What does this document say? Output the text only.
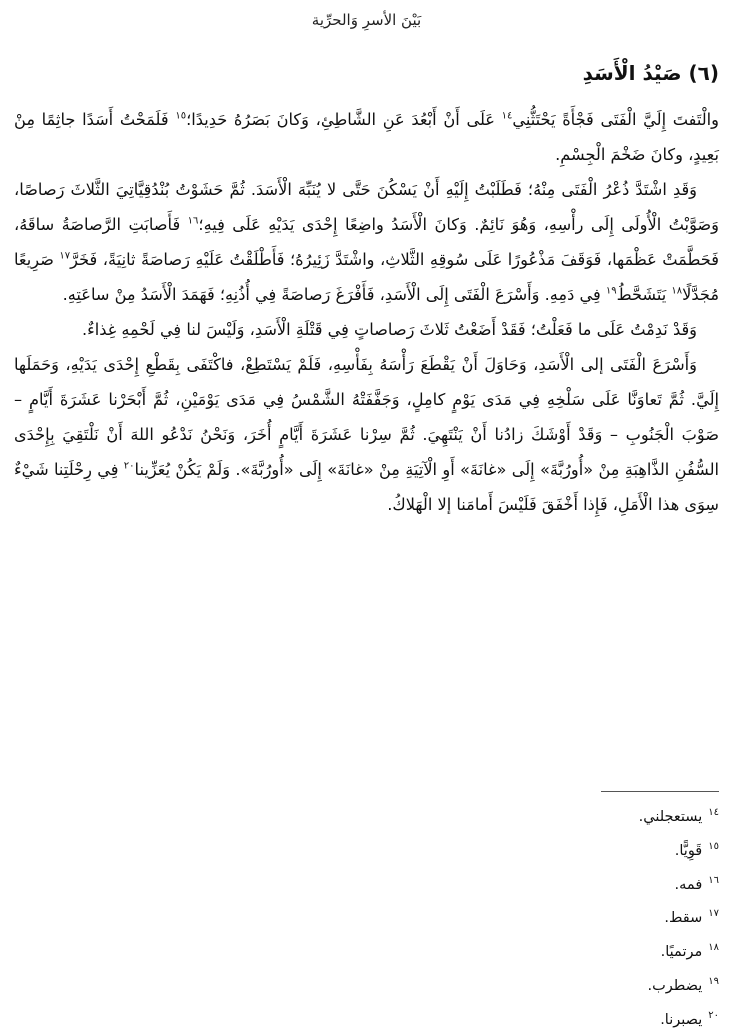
بَيْنَ الأسرِ وَالحرِّية
(٦) صَيْدُ الْأَسَدِ

والْتَفتَ إِلَيَّ الْفَتَى فَجْأَةً يَحْتَثُّنِي$^{١٤}$ عَلَى أَنْ أَبْعُدَ عَنِ الشَّاطِئِ، وَكانَ بَصَرُهُ حَدِيدًا؛$^{١٥}$ فَلَمَحْتُ أَسَدًا جاثِمًا مِنْ بَعِيدٍ، وكانَ ضَخْمَ الْجِسْمِ.

وَقَدِ اشْتَدَّ ذُعْرُ الْفَتَى مِنْهُ؛ فَطَلَبْتُ إِلَيْهِ أَنْ يَسْكُنَ حَتَّى لا يُنَبِّهَ الْأَسَدَ. ثُمَّ حَشَوْتُ بُنْدُقِيَّاتِيَ الثَّلاثَ رَصاصًا، وَصَوَّبْتُ الْأُولَى إِلَى رأْسِهِ، وَهُوَ نَائِمٌ. وَكانَ الْأَسَدُ واضِعًا إِحْدَى يَدَيْهِ عَلَى فِيهِ؛$^{١٦}$ فَأَصابَتِ الرَّصاصَةُ ساقَهُ، فَحَطَّمَتْ عَظْمَها، فَوَقَفَ مَذْعُورًا عَلَى سُوقِهِ الثَّلاثِ، واشْتَدَّ زَئِيرُهُ؛ فَأَطْلَقْتُ عَلَيْهِ رَصاصَةً ثانِيَةً، فَخَرَّ$^{١٧}$ صَرِيعًا مُجَدَّلًا$^{١٨}$ يَتَشَحَّطُ$^{١٩}$ فِي دَمِهِ. وَأَسْرَعَ الْفَتَى إِلَى الْأَسَدِ، فَأَفْرَغَ رَصاصَةً فِي أُذُنِهِ؛ فَهَمَدَ الْأَسَدُ مِنْ ساعَتِهِ.

وَقَدْ نَدِمْتُ عَلَى ما فَعَلْتُ؛ فَقَدْ أَضَعْتُ ثَلاثَ رَصاصاتٍ فِي قَتْلَةِ الْأَسَدِ، وَلَيْسَ لنا فِي لَحْمِهِ غِذاءٌ.

وَأَسْرَعَ الْفَتَى إلى الْأَسَدِ، وَحَاوَلَ أَنْ يَقْطَعَ رَأْسَهُ بِفَأْسِهِ، فَلَمْ يَسْتَطِعْ، فاكْتَفَى بِقَطْعِ إِحْدَى يَدَيْهِ، وَحَمَلَها إِلَيَّ. ثُمَّ تَعاوَنَّا عَلَى سَلْخِهِ فِي مَدَى يَوْمٍ كامِلٍ، وَجَفَّفَتْهُ الشَّمْسُ فِي مَدَى يَوْمَيْنِ، ثُمَّ أَبْحَرْنا عَشَرَةَ أَيَّامٍ – صَوْبَ الْجَنُوبِ – وَقَدْ أَوْشَكَ زادُنا أَنْ يَنْتَهِيَ. ثُمَّ سِرْنا عَشَرَةَ أَيَّامٍ أُخَرَ، وَنَحْنُ نَدْعُو اللهَ أَنْ نَلْتَقِيَ بِإِحْدَى السُّفُنِ الذَّاهِبَةِ مِنْ «أُورُبَّةَ» إِلَى «غانَةَ» أَوِ الْآتِيَةِ مِنْ «غانَةَ» إِلَى «أُورُبَّةَ». وَلَمْ يَكُنْ يُعَزِّينا$^{٢٠}$ فِي رِحْلَتِنا شَيْءٌ سِوَى هذا الْأَمَلِ، فَإِذا أَخْفَقَ فَلَيْسَ أَمامَنا إلا الْهَلاكُ.

$^{١٤}$يستعجلني.
$^{١٥}$قَوِيًّا.
$^{١٦}$فمه.
$^{١٧}$سقط.
$^{١٨}$مرتميًا.
$^{١٩}$يضطرب.
$^{٢٠}$يصبرنا.
